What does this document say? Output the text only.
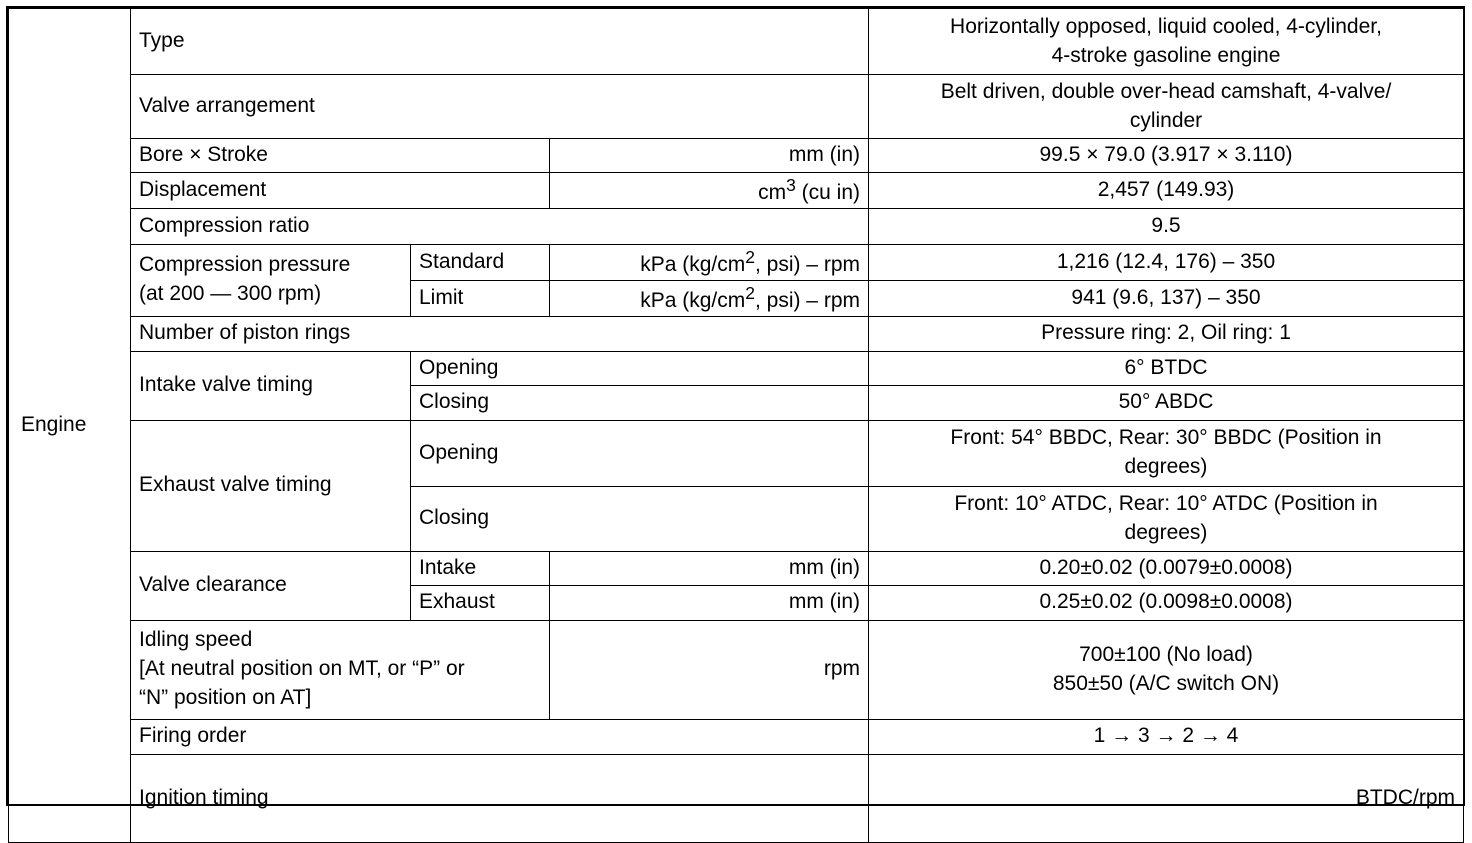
Engine	Type			Horizontally opposed, liquid cooled, 4-cylinder,
4-stroke gasoline engine	
	Valve arrangement			Belt driven, double over-head camshaft, 4-valve/
cylinder	
	Bore × Stroke		mm (in)	99.5 × 79.0 (3.917 × 3.110)	
	Displacement		$cm^3$ (cu in)	2,457 (149.93)	
	Compression ratio			9.5	
	Compression pressure
(at 200 — 300 rpm)	Standard	kPa ($kg/cm^2$, psi) – rpm	1,216 (12.4, 176) – 350	
		Limit	kPa ($kg/cm^2$, psi) – rpm	941 (9.6, 137) – 350	
	Number of piston rings			Pressure ring: 2, Oil ring: 1	
	Intake valve timing	Opening		6° BTDC	
		Closing		50° ABDC	
	Exhaust valve timing	Opening		Front: 54° BBDC, Rear: 30° BBDC (Position in
degrees)	
		Closing		Front: 10° ATDC, Rear: 10° ATDC (Position in
degrees)	
	Valve clearance	Intake	mm (in)	0.20±0.02 (0.0079±0.0008)	
		Exhaust	mm (in)	0.25±0.02 (0.0098±0.0008)	
	Idling speed
[At neutral position on MT, or “P” or
“N” position on AT]		rpm	700±100 (No load)
850±50 (A/C switch ON)	
	Firing order			1 → 3 → 2 → 4	
	Ignition timing			BTDC/rpm	
